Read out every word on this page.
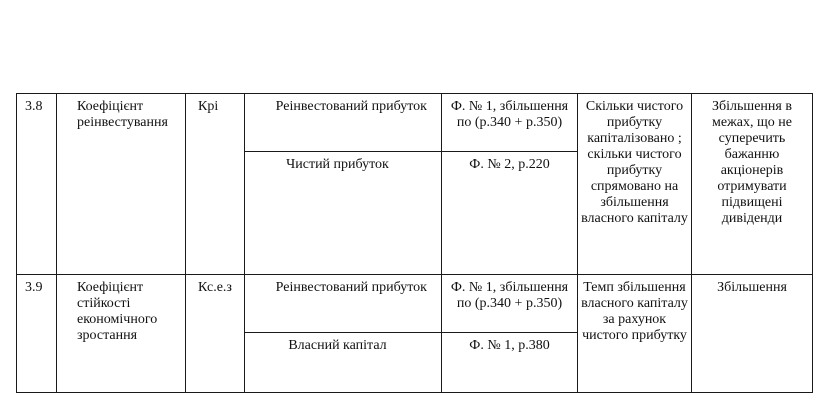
3.8	Коефіцієнт реінвестування	Крі	Реінвестований прибуток	Ф. № 1, збільшення по (р.340 + р.350)	Скільки чистого прибутку капіталізовано ; скільки чистого прибутку спрямовано на збільшення власного капіталу	Збільшення в межах, що не суперечить бажанню акціонерів отримувати підвищені дивіденди
			Чистий прибуток	Ф. № 2, р.220		
3.9	Коефіцієнт стійкості економічного зростання	Кс.е.з	Реінвестований прибуток	Ф. № 1, збільшення по (р.340 + р.350)	Темп збільшення власного капіталу за рахунок чистого прибутку	Збільшення
			Власний капітал	Ф. № 1, р.380		
